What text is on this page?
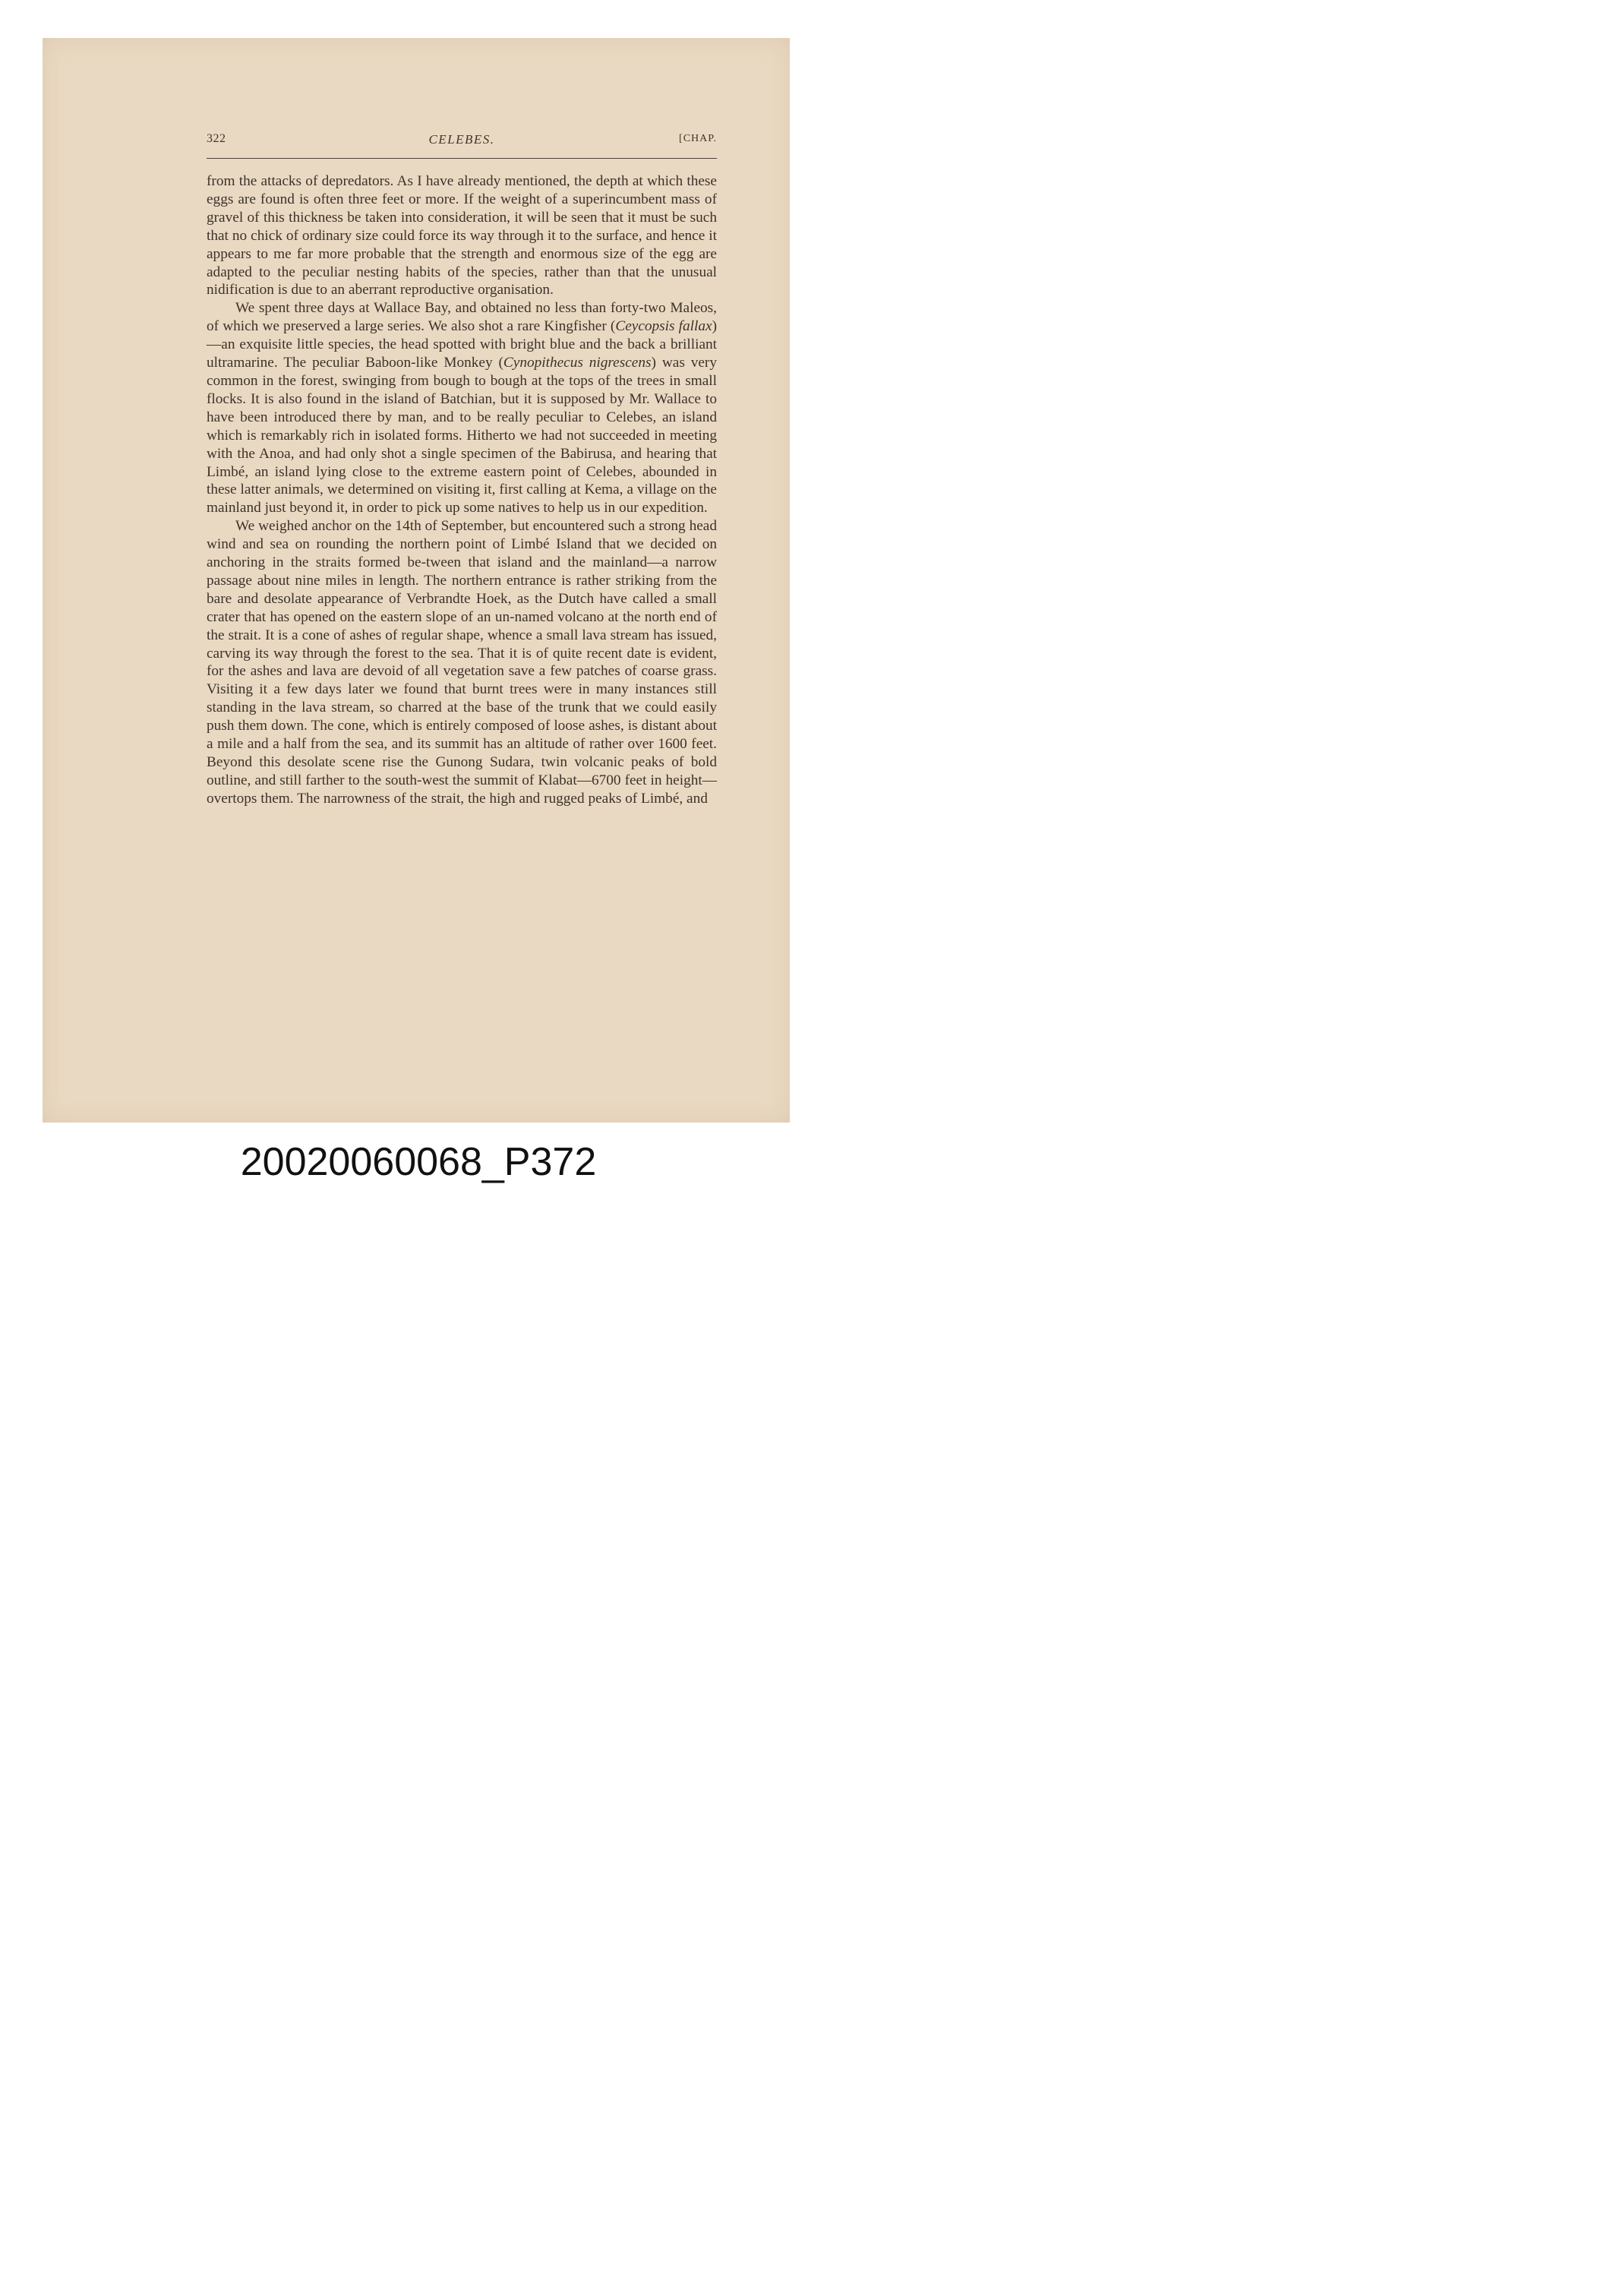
322	CELEBES.	[CHAP.

from the attacks of depredators. As I have already mentioned, the depth at which these eggs are found is often three feet or more. If the weight of a superincumbent mass of gravel of this thickness be taken into consideration, it will be seen that it must be such that no chick of ordinary size could force its way through it to the surface, and hence it appears to me far more probable that the strength and enormous size of the egg are adapted to the peculiar nesting habits of the species, rather than that the unusual nidification is due to an aberrant reproductive organisation.

We spent three days at Wallace Bay, and obtained no less than forty-two Maleos, of which we preserved a large series. We also shot a rare Kingfisher (Ceycopsis fallax)—an exquisite little species, the head spotted with bright blue and the back a brilliant ultramarine. The peculiar Baboon-like Monkey (Cynopithecus nigrescens) was very common in the forest, swinging from bough to bough at the tops of the trees in small flocks. It is also found in the island of Batchian, but it is supposed by Mr. Wallace to have been introduced there by man, and to be really peculiar to Celebes, an island which is remarkably rich in isolated forms. Hitherto we had not succeeded in meeting with the Anoa, and had only shot a single specimen of the Babirusa, and hearing that Limbé, an island lying close to the extreme eastern point of Celebes, abounded in these latter animals, we determined on visiting it, first calling at Kema, a village on the mainland just beyond it, in order to pick up some natives to help us in our expedition.

We weighed anchor on the 14th of September, but encountered such a strong head wind and sea on rounding the northern point of Limbé Island that we decided on anchoring in the straits formed be-tween that island and the mainland—a narrow passage about nine miles in length. The northern entrance is rather striking from the bare and desolate appearance of Verbrandte Hoek, as the Dutch have called a small crater that has opened on the eastern slope of an un-named volcano at the north end of the strait. It is a cone of ashes of regular shape, whence a small lava stream has issued, carving its way through the forest to the sea. That it is of quite recent date is evident, for the ashes and lava are devoid of all vegetation save a few patches of coarse grass. Visiting it a few days later we found that burnt trees were in many instances still standing in the lava stream, so charred at the base of the trunk that we could easily push them down. The cone, which is entirely composed of loose ashes, is distant about a mile and a half from the sea, and its summit has an altitude of rather over 1600 feet. Beyond this desolate scene rise the Gunong Sudara, twin volcanic peaks of bold outline, and still farther to the south-west the summit of Klabat—6700 feet in height—overtops them. The narrowness of the strait, the high and rugged peaks of Limbé, and

20020060068_P372
